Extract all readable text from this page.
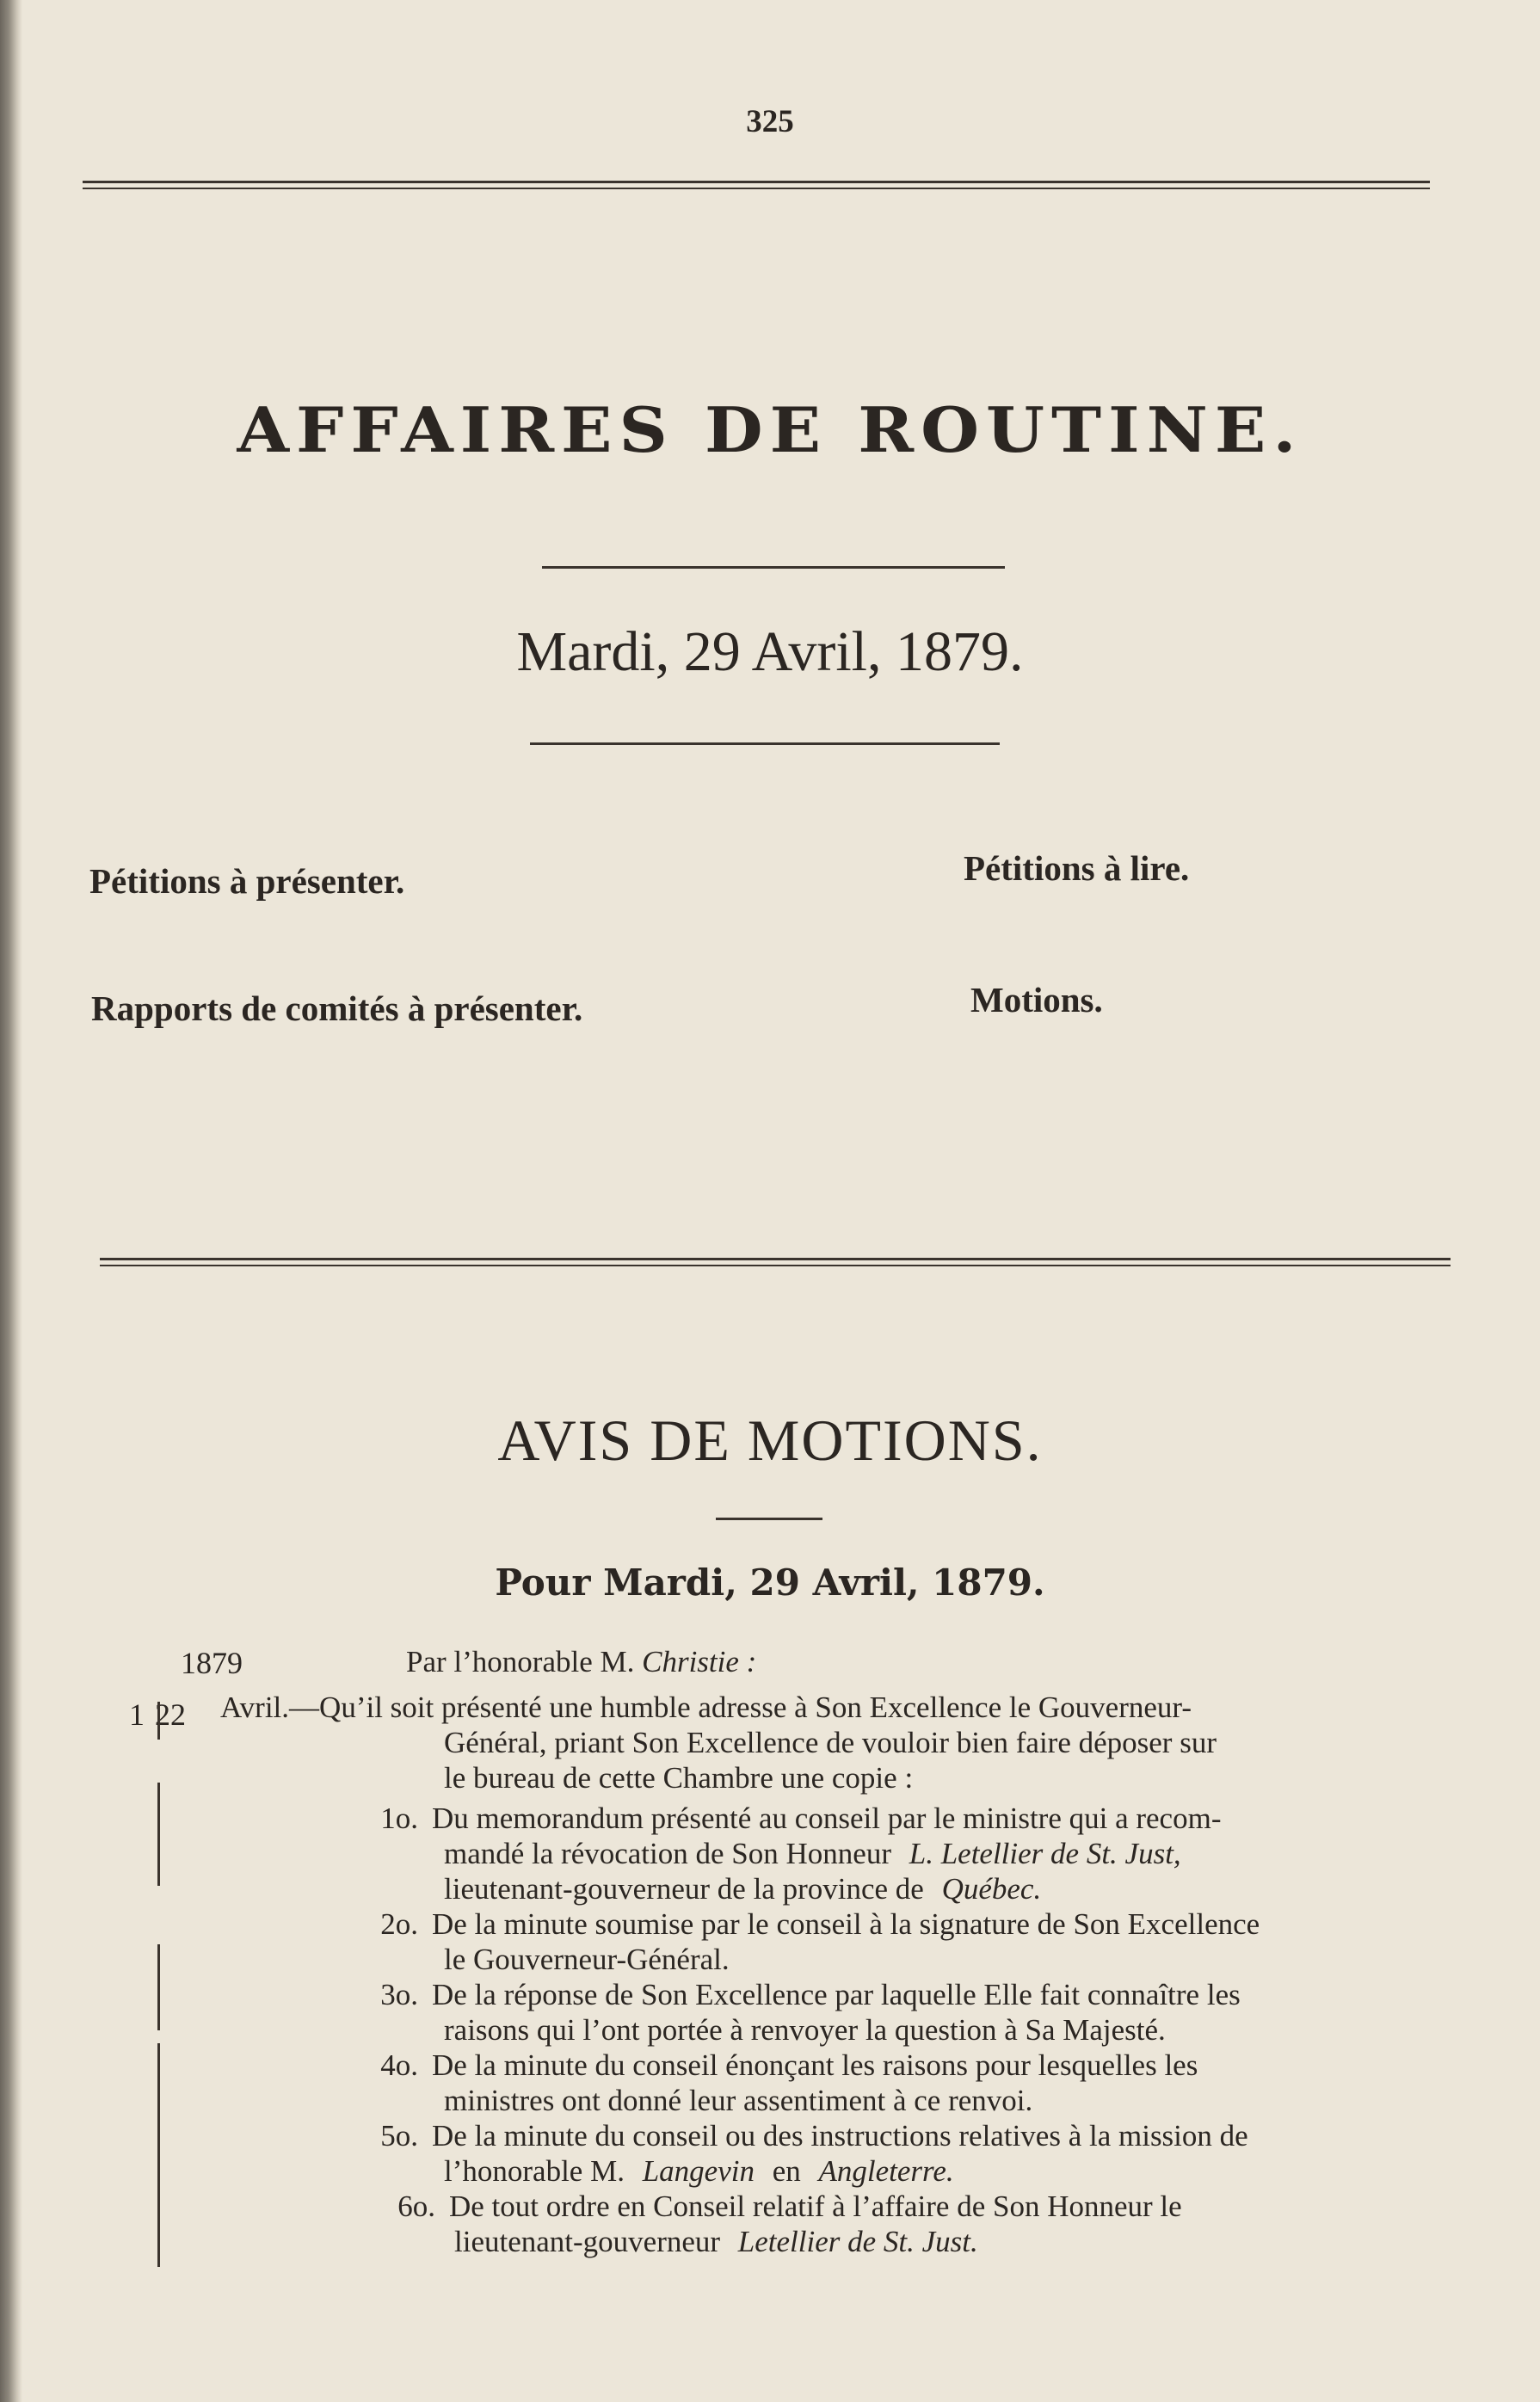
325
AFFAIRES DE ROUTINE.
Mardi, 29 Avril, 1879.
Pétitions à présenter.	Pétitions à lire.
Rapports de comités à présenter.	Motions.
AVIS DE MOTIONS.
Pour Mardi, 29 Avril, 1879.
1879	Par l’honorable M. Christie :
1 22 Avril.—Qu’il soit présenté une humble adresse à Son Excellence le Gouverneur-
Général, priant Son Excellence de vouloir bien faire déposer sur
le bureau de cette Chambre une copie :
1o. Du memorandum présenté au conseil par le ministre qui a recom-
mandé la révocation de Son Honneur L. Letellier de St. Just,
lieutenant-gouverneur de la province de Québec.
2o. De la minute soumise par le conseil à la signature de Son Excellence
le Gouverneur-Général.
3o. De la réponse de Son Excellence par laquelle Elle fait connaître les
raisons qui l’ont portée à renvoyer la question à Sa Majesté.
4o. De la minute du conseil énonçant les raisons pour lesquelles les
ministres ont donné leur assentiment à ce renvoi.
5o. De la minute du conseil ou des instructions relatives à la mission de
l’honorable M. Langevin en Angleterre.
6o. De tout ordre en Conseil relatif à l’affaire de Son Honneur le
lieutenant-gouverneur Letellier de St. Just.
